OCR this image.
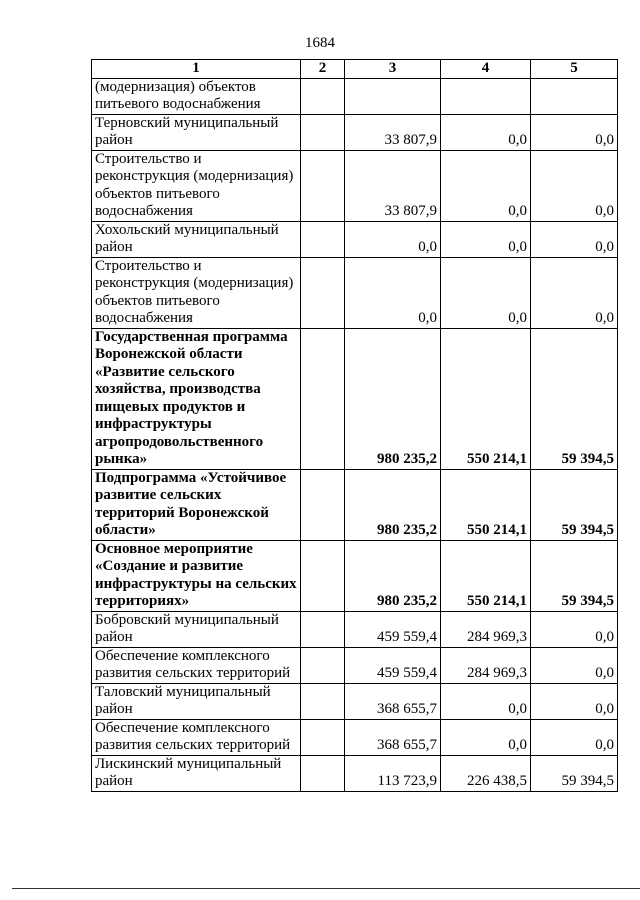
1684
1	2	3	4	5
(модернизация) объектов питьевого водоснабжения				
Терновский муниципальный район		33 807,9	0,0	0,0
Строительство и реконструкция (модернизация) объектов питьевого водоснабжения		33 807,9	0,0	0,0
Хохольский муниципальный район		0,0	0,0	0,0
Строительство и реконструкция (модернизация) объектов питьевого водоснабжения		0,0	0,0	0,0
Государственная программа Воронежской области «Развитие сельского хозяйства, производства пищевых продуктов и инфраструктуры агропродовольственного рынка»		980 235,2	550 214,1	59 394,5
Подпрограмма «Устойчивое развитие сельских территорий Воронежской области»		980 235,2	550 214,1	59 394,5
Основное мероприятие «Создание и развитие инфраструктуры на сельских территориях»		980 235,2	550 214,1	59 394,5
Бобровский муниципальный район		459 559,4	284 969,3	0,0
Обеспечение комплексного развития сельских территорий		459 559,4	284 969,3	0,0
Таловский муниципальный район		368 655,7	0,0	0,0
Обеспечение комплексного развития сельских территорий		368 655,7	0,0	0,0
Лискинский муниципальный район		113 723,9	226 438,5	59 394,5
